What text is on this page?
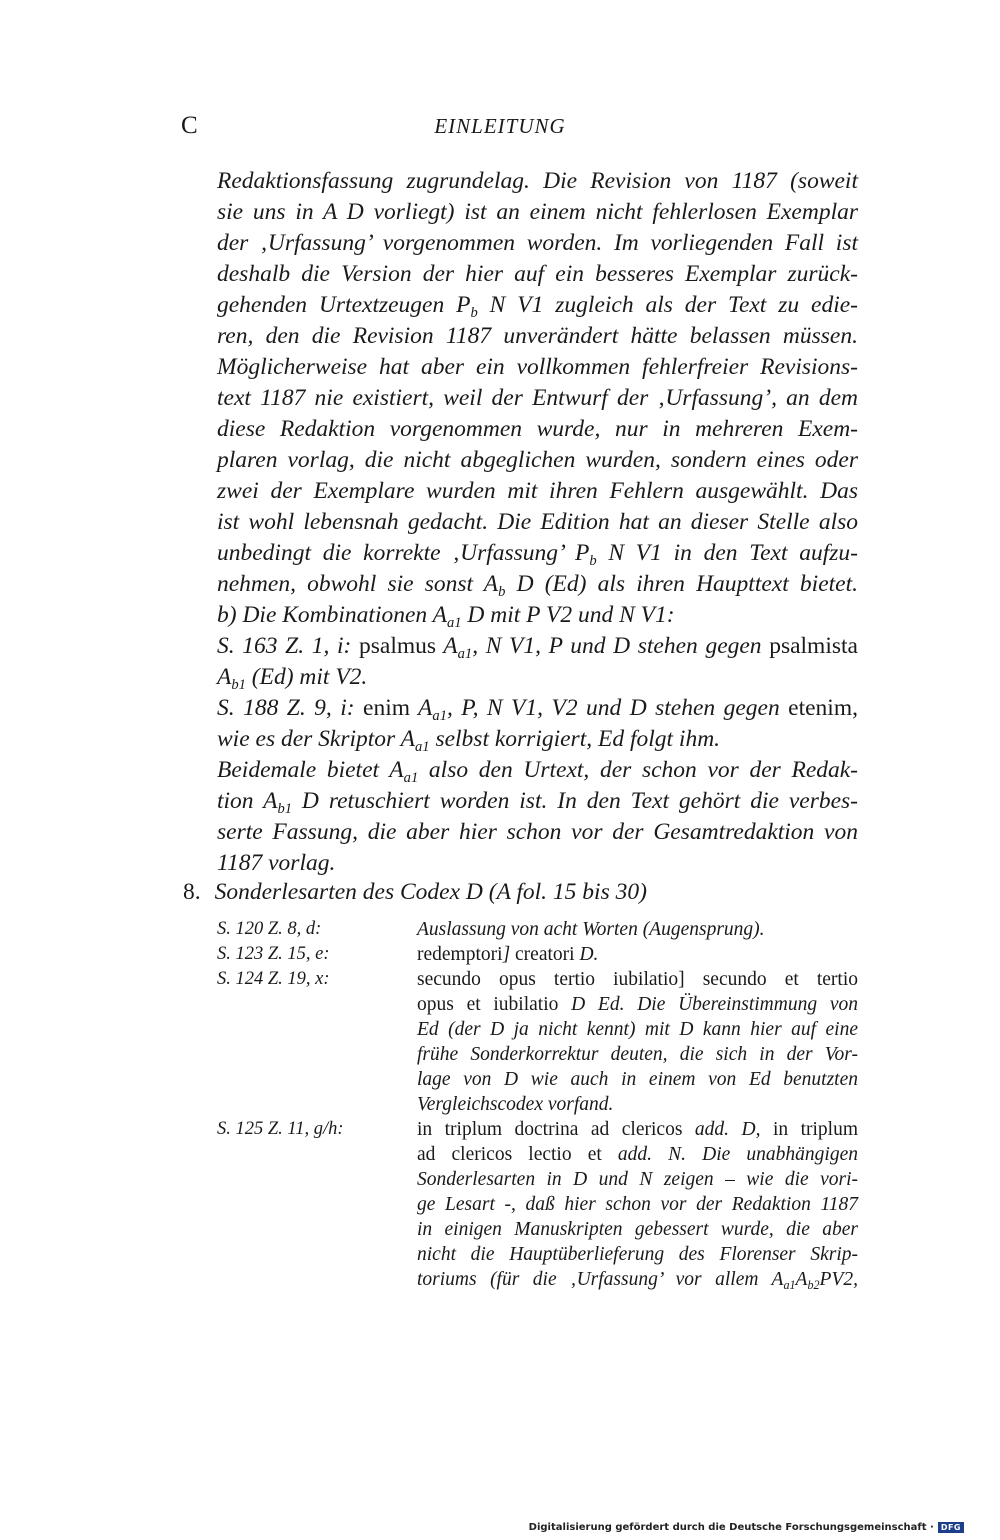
C	EINLEITUNG
Redaktionsfassung zugrundelag. Die Revision von 1187 (soweit
sie uns in A D vorliegt) ist an einem nicht fehlerlosen Exemplar
der ‚Urfassung’ vorgenommen worden. Im vorliegenden Fall ist
deshalb die Version der hier auf ein besseres Exemplar zurück-
gehenden Urtextzeugen $P_b$ N V1 zugleich als der Text zu edie-
ren, den die Revision 1187 unverändert hätte belassen müssen.
Möglicherweise hat aber ein vollkommen fehlerfreier Revisions-
text 1187 nie existiert, weil der Entwurf der ‚Urfassung’, an dem
diese Redaktion vorgenommen wurde, nur in mehreren Exem-
plaren vorlag, die nicht abgeglichen wurden, sondern eines oder
zwei der Exemplare wurden mit ihren Fehlern ausgewählt. Das
ist wohl lebensnah gedacht. Die Edition hat an dieser Stelle also
unbedingt die korrekte ‚Urfassung’ $P_b$ N V1 in den Text aufzu-
nehmen, obwohl sie sonst $A_b$ D (Ed) als ihren Haupttext bietet.
b) Die Kombinationen $A_{a1}$ D mit P V2 und N V1:
S. 163 Z. 1, i: psalmus $A_{a1}$, N V1, P und D stehen gegen psalmista
$A_{b1}$ (Ed) mit V2.
S. 188 Z. 9, i: enim $A_{a1}$, P, N V1, V2 und D stehen gegen etenim,
wie es der Skriptor $A_{a1}$ selbst korrigiert, Ed folgt ihm.
Beidemale bietet $A_{a1}$ also den Urtext, der schon vor der Redak-
tion $A_{b1}$ D retuschiert worden ist. In den Text gehört die verbes-
serte Fassung, die aber hier schon vor der Gesamtredaktion von
1187 vorlag.
8. Sonderlesarten des Codex D (A fol. 15 bis 30)
S. 120 Z. 8, d:	Auslassung von acht Worten (Augensprung).
S. 123 Z. 15, e:	redemptori] creatori D.
S. 124 Z. 19, x:	secundo opus tertio iubilatio] secundo et tertio
opus et iubilatio D Ed. Die Übereinstimmung von
Ed (der D ja nicht kennt) mit D kann hier auf eine
frühe Sonderkorrektur deuten, die sich in der Vor-
lage von D wie auch in einem von Ed benutzten
Vergleichscodex vorfand.
S. 125 Z. 11, g/h:	in triplum doctrina ad clericos add. D, in triplum
ad clericos lectio et add. N. Die unabhängigen
Sonderlesarten in D und N zeigen – wie die vori-
ge Lesart -, daß hier schon vor der Redaktion 1187
in einigen Manuskripten gebessert wurde, die aber
nicht die Hauptüberlieferung des Florenser Skrip-
toriums (für die ‚Urfassung’ vor allem $A_{a1}A_{b2}PV2$,
Digitalisierung gefördert durch die Deutsche Forschungsgemeinschaft · DFG
